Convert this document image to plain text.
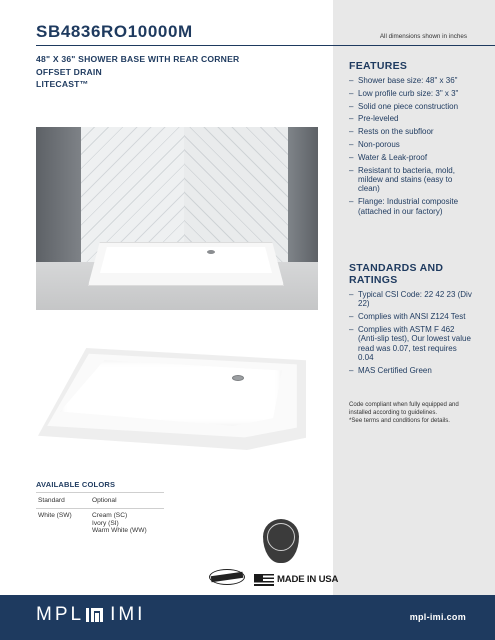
All dimensions shown in inches
SB4836RO10000M
48" X 36" SHOWER BASE WITH REAR CORNER
OFFSET DRAIN
LITECAST™
FEATURES
– Shower base size: 48" x 36"
– Low profile curb size: 3" x 3"
– Solid one piece construction
– Pre-leveled
– Rests on the subfloor
– Non-porous
– Water & Leak-proof
– Resistant to bacteria, mold, mildew and stains (easy to clean)
– Flange: Industrial composite (attached in our factory)
STANDARDS AND RATINGS
– Typical CSI Code: 22 42 23 (Div 22)
– Complies with ANSI Z124 Test
– Complies with ASTM F 462 (Anti-slip test), Our lowest value read was 0.07, test requires 0.04
– MAS Certified Green
Code compliant when fully equipped and installed according to guidelines.
*See terms and conditions for details.
AVAILABLE COLORS
Standard	Optional
White (SW)	Cream (SC)
Ivory (SI)
Warm White (WW)
MADE IN USA
MPL IMI	mpl-imi.com
